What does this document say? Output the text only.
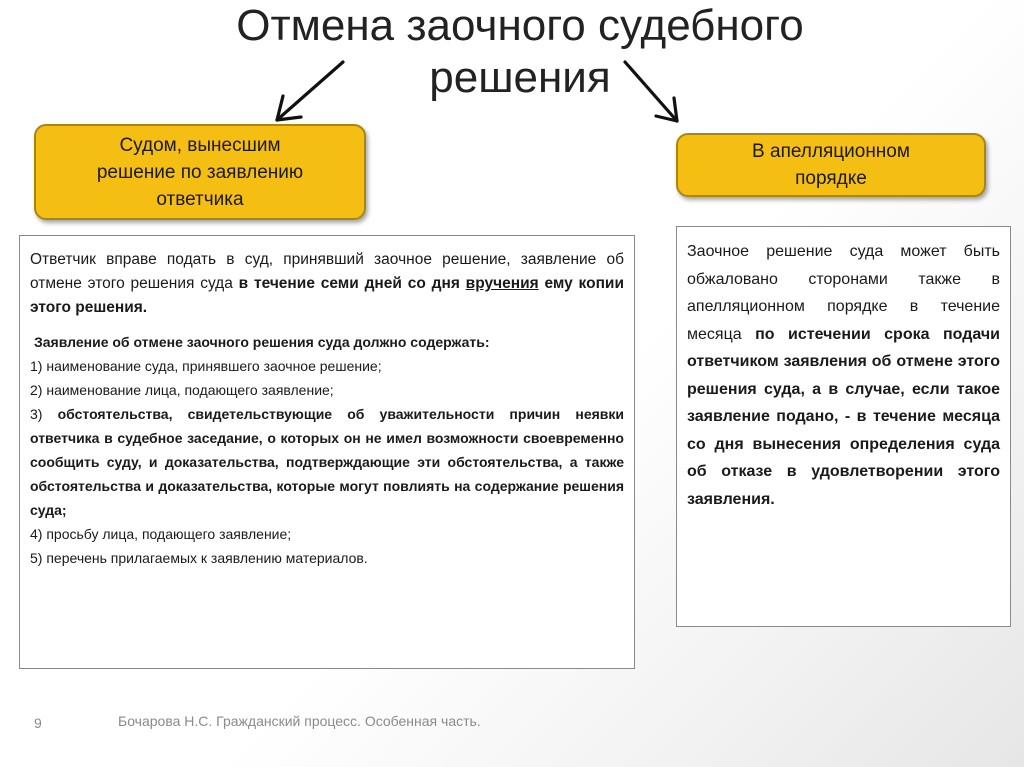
Отмена заочного судебного
решения
Судом, вынесшим
решение по заявлению
ответчика
В апелляционном
порядке

Ответчик вправе подать в суд, принявший заочное решение, заявление об отмене этого решения суда в течение семи дней со дня вручения ему копии этого решения.

Заявление об отмене заочного решения суда должно содержать:
1) наименование суда, принявшего заочное решение;
2) наименование лица, подающего заявление;
3) обстоятельства, свидетельствующие об уважительности причин неявки ответчика в судебное заседание, о которых он не имел возможности своевременно сообщить суду, и доказательства, подтверждающие эти обстоятельства, а также обстоятельства и доказательства, которые могут повлиять на содержание решения суда;
4) просьбу лица, подающего заявление;
5) перечень прилагаемых к заявлению материалов.

Заочное решение суда может быть обжаловано сторонами также в апелляционном порядке в течение месяца по истечении срока подачи ответчиком заявления об отмене этого решения суда, а в случае, если такое заявление подано, - в течение месяца со дня вынесения определения суда об отказе в удовлетворении этого заявления.

9	Бочарова Н.С. Гражданский процесс. Особенная часть.
